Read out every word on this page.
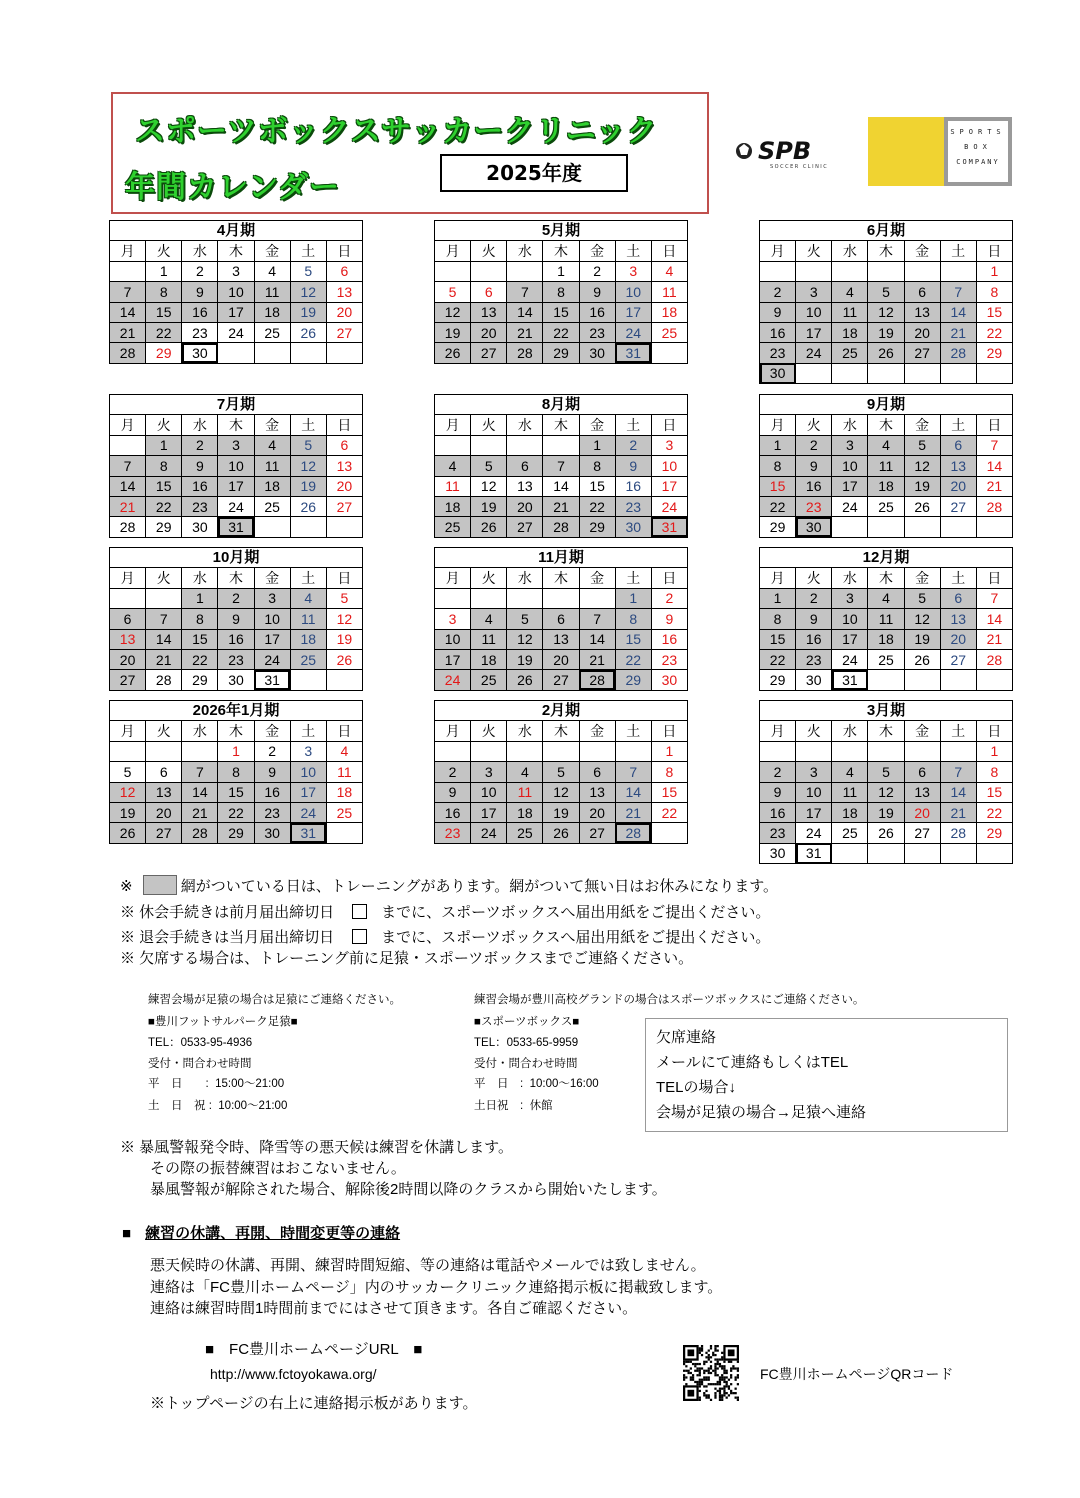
スポーツボックスサッカークリニック
年間カレンダー	2025年度
SPB
SOCCER CLINIC
SPORTS
BOX
COMPANY
4月期						
月	火	水	木	金	土	日
	1	2	3	4	5	6
7	8	9	10	11	12	13
14	15	16	17	18	19	20
21	22	23	24	25	26	27
28	29	30				
5月期						
月	火	水	木	金	土	日
			1	2	3	4
5	6	7	8	9	10	11
12	13	14	15	16	17	18
19	20	21	22	23	24	25
26	27	28	29	30	31	
6月期						
月	火	水	木	金	土	日
						1
2	3	4	5	6	7	8
9	10	11	12	13	14	15
16	17	18	19	20	21	22
23	24	25	26	27	28	29
30						
7月期						
月	火	水	木	金	土	日
	1	2	3	4	5	6
7	8	9	10	11	12	13
14	15	16	17	18	19	20
21	22	23	24	25	26	27
28	29	30	31			
8月期						
月	火	水	木	金	土	日
				1	2	3
4	5	6	7	8	9	10
11	12	13	14	15	16	17
18	19	20	21	22	23	24
25	26	27	28	29	30	31
9月期						
月	火	水	木	金	土	日
1	2	3	4	5	6	7
8	9	10	11	12	13	14
15	16	17	18	19	20	21
22	23	24	25	26	27	28
29	30					
10月期						
月	火	水	木	金	土	日
		1	2	3	4	5
6	7	8	9	10	11	12
13	14	15	16	17	18	19
20	21	22	23	24	25	26
27	28	29	30	31		
11月期						
月	火	水	木	金	土	日
					1	2
3	4	5	6	7	8	9
10	11	12	13	14	15	16
17	18	19	20	21	22	23
24	25	26	27	28	29	30
12月期						
月	火	水	木	金	土	日
1	2	3	4	5	6	7
8	9	10	11	12	13	14
15	16	17	18	19	20	21
22	23	24	25	26	27	28
29	30	31				
2026年1月期						
月	火	水	木	金	土	日
			1	2	3	4
5	6	7	8	9	10	11
12	13	14	15	16	17	18
19	20	21	22	23	24	25
26	27	28	29	30	31	
2月期						
月	火	水	木	金	土	日
						1
2	3	4	5	6	7	8
9	10	11	12	13	14	15
16	17	18	19	20	21	22
23	24	25	26	27	28	
3月期						
月	火	水	木	金	土	日
						1
2	3	4	5	6	7	8
9	10	11	12	13	14	15
16	17	18	19	20	21	22
23	24	25	26	27	28	29
30	31					
※	網がついている日は、トレーニングがあります。網がついて無い日はお休みになります。
※ 休会手続きは前月届出締切日	までに、スポーツボックスへ届出用紙をご提出ください。
※ 退会手続きは当月届出締切日	までに、スポーツボックスへ届出用紙をご提出ください。
※ 欠席する場合は、トレーニング前に足猿・スポーツボックスまでご連絡ください。
練習会場が足猿の場合は足猿にご連絡ください。
■豊川フットサルパーク足猿■
TEL：0533-95-4936
受付・問合わせ時間
平　日　　:  15:00～21:00
土　日　祝 :  10:00～21:00
練習会場が豊川高校グランドの場合はスポーツボックスにご連絡ください。
■スポーツボックス■
TEL：0533-65-9959
受付・問合わせ時間
平　日　:  10:00～16:00
土日祝　:  休館
欠席連絡
メールにて連絡もしくはTEL
TELの場合↓
会場が足猿の場合→足猿へ連絡
※ 暴風警報発令時、降雪等の悪天候は練習を休講します。
その際の振替練習はおこないません。
暴風警報が解除された場合、解除後2時間以降のクラスから開始いたします。
■ 練習の休講、再開、時間変更等の連絡
悪天候時の休講、再開、練習時間短縮、等の連絡は電話やメールでは致しません。
連絡は「FC豊川ホームページ」内のサッカークリニック連絡掲示板に掲載致します。
連絡は練習時間1時間前までにはさせて頂きます。各自ご確認ください。
■　FC豊川ホームページURL　■
http://www.fctoyokawa.org/
※トップページの右上に連絡掲示板があります。
FC豊川ホームページQRコード
